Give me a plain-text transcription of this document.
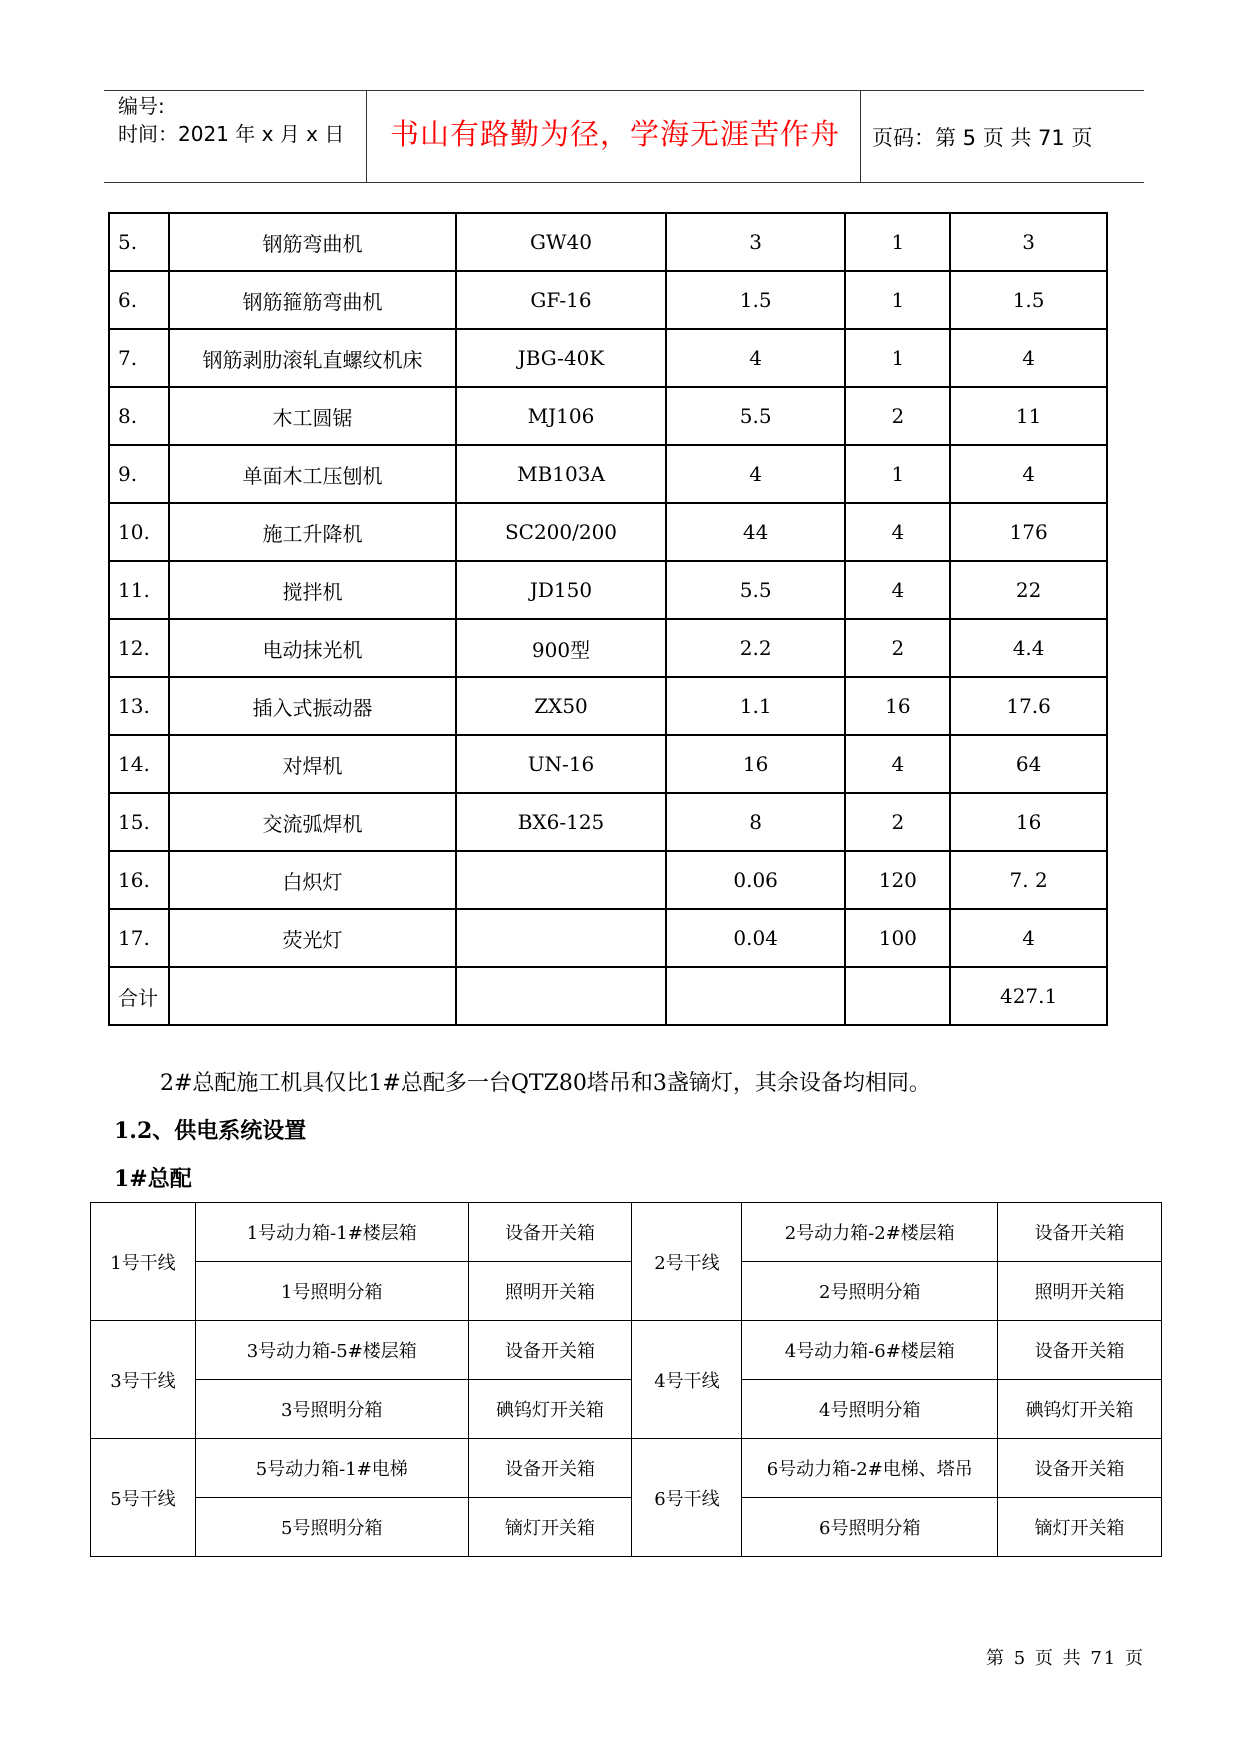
编号:
时间：2021 年 x 月 x 日	书山有路勤为径，学海无涯苦作舟	页码：第 5 页 共 71 页
5.	钢筋弯曲机	GW40	3	1	3
6.	钢筋箍筋弯曲机	GF-16	1.5	1	1.5
7.	钢筋剥肋滚轧直螺纹机床	JBG-40K	4	1	4
8.	木工圆锯	MJ106	5.5	2	11
9.	单面木工压刨机	MB103A	4	1	4
10.	施工升降机	SC200/200	44	4	176
11.	搅拌机	JD150	5.5	4	22
12.	电动抹光机	900型	2.2	2	4.4
13.	插入式振动器	ZX50	1.1	16	17.6
14.	对焊机	UN-16	16	4	64
15.	交流弧焊机	BX6-125	8	2	16
16.	白炽灯		0.06	120	7. 2
17.	荧光灯		0.04	100	4
合计					427.1
2#总配施工机具仅比1#总配多一台QTZ80塔吊和3盏镝灯，其余设备均相同。
1.2、供电系统设置
1#总配
1号干线	1号动力箱-1#楼层箱	设备开关箱	2号干线	2号动力箱-2#楼层箱	设备开关箱
	1号照明分箱	照明开关箱		2号照明分箱	照明开关箱
3号干线	3号动力箱-5#楼层箱	设备开关箱	4号干线	4号动力箱-6#楼层箱	设备开关箱
	3号照明分箱	碘钨灯开关箱		4号照明分箱	碘钨灯开关箱
5号干线	5号动力箱-1#电梯	设备开关箱	6号干线	6号动力箱-2#电梯、塔吊	设备开关箱
	5号照明分箱	镝灯开关箱		6号照明分箱	镝灯开关箱
第 5 页 共 71 页
